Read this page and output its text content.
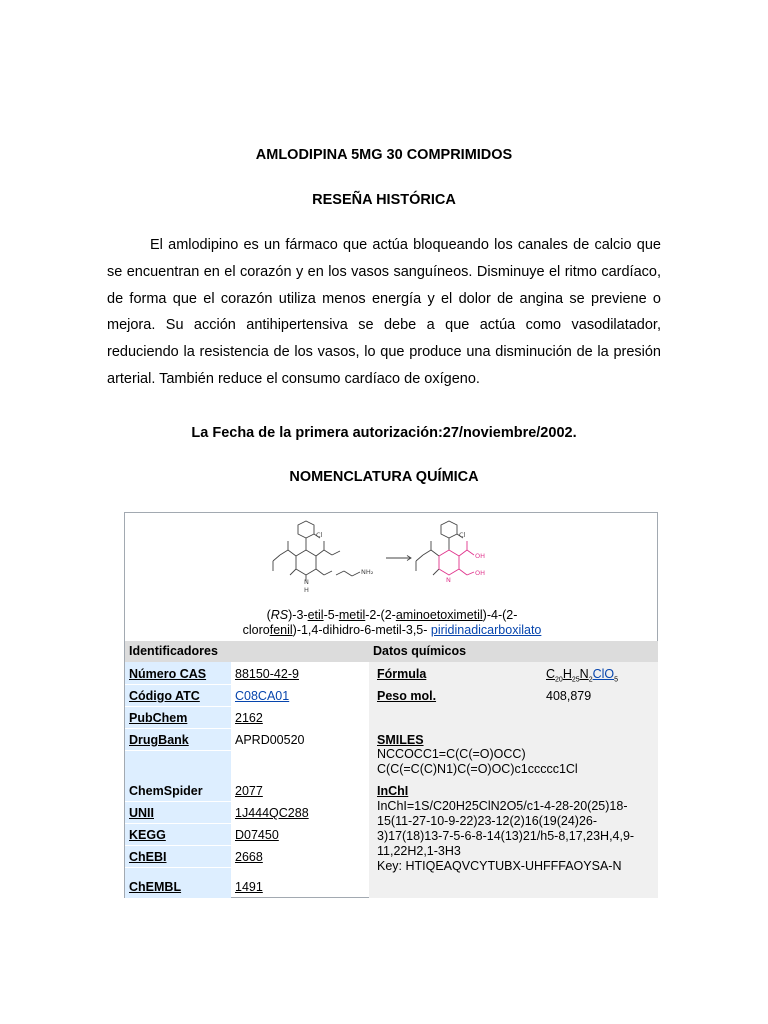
AMLODIPINA 5MG 30 COMPRIMIDOS
RESEÑA HISTÓRICA

El amlodipino es un fármaco que actúa bloqueando los canales de calcio que se encuentran en el corazón y en los vasos sanguíneos. Disminuye el ritmo cardíaco, de forma que el corazón utiliza menos energía y el dolor de angina se previene o mejora. Su acción antihipertensiva se debe a que actúa como vasodilatador, reduciendo la resistencia de los vasos, lo que produce una disminución de la presión arterial. También reduce el consumo cardíaco de oxígeno.

La Fecha de la primera autorización:27/noviembre/2002.
NOMENCLATURA QUÍMICA
Cl
NH₂
N
H
Cl
OH
OH
N
(RS)-3-etil-5-metil-2-(2-aminoetoximetil)-4-(2-
clorofenil)-1,4-dihidro-6-metil-3,5- piridinadicarboxilato
Identificadores	Datos químicos
Número CAS 88150-42-9
Código ATC	C08CA01
PubChem	2162
DrugBank	APRD00520
ChemSpider	2077
UNII	1J444QC288
KEGG	D07450
ChEBI	2668
ChEMBL	1491
Fórmula	$C_{20}H_{25}N_2ClO_5$
Peso mol.	408,879
SMILES
NCCOCC1=C(C(=O)OCC)
C(C(=C(C)N1)C(=O)OC)c1ccccc1Cl
InChI
InChI=1S/C20H25ClN2O5/c1-4-28-20(25)18-
15(11-27-10-9-22)23-12(2)16(19(24)26-
3)17(18)13-7-5-6-8-14(13)21/h5-8,17,23H,4,9-
11,22H2,1-3H3
Key: HTIQEAQVCYTUBX-UHFFFAOYSA-N
